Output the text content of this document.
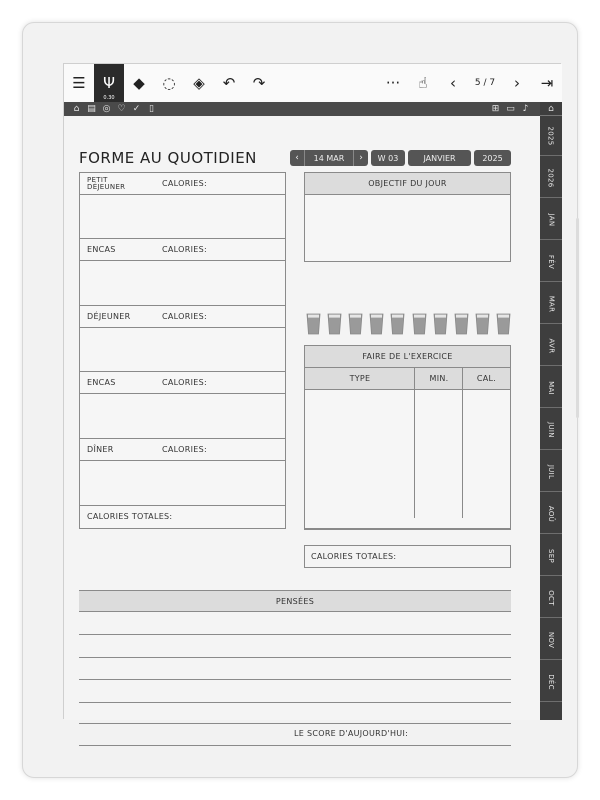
☰	Ψ
0.30
◆	◌	◈	↶	↷	···	☝	‹	5 / 7	›	⇥
⌂ ▤ ◎ ♡ ✓ ▯	⊞ ▭ ♪	⌂
2025
2026
JAN
FÉV
MAR
AVR
MAI
JUIN
JUIL
AOÛ
SEP
OCT
NOV
DÉC
FORME AU QUOTIDIEN	‹	14 MAR	›	W 03	JANVIER	2025
PETIT
DÉJEUNER	CALORIES:
ENCAS	CALORIES:
DÉJEUNER	CALORIES:
ENCAS	CALORIES:
DÎNER	CALORIES:
CALORIES TOTALES:
OBJECTIF DU JOUR
FAIRE DE L'EXERCICE
TYPE	MIN.	CAL.
CALORIES TOTALES:
PENSÉES
LE SCORE D'AUJOURD'HUI:
